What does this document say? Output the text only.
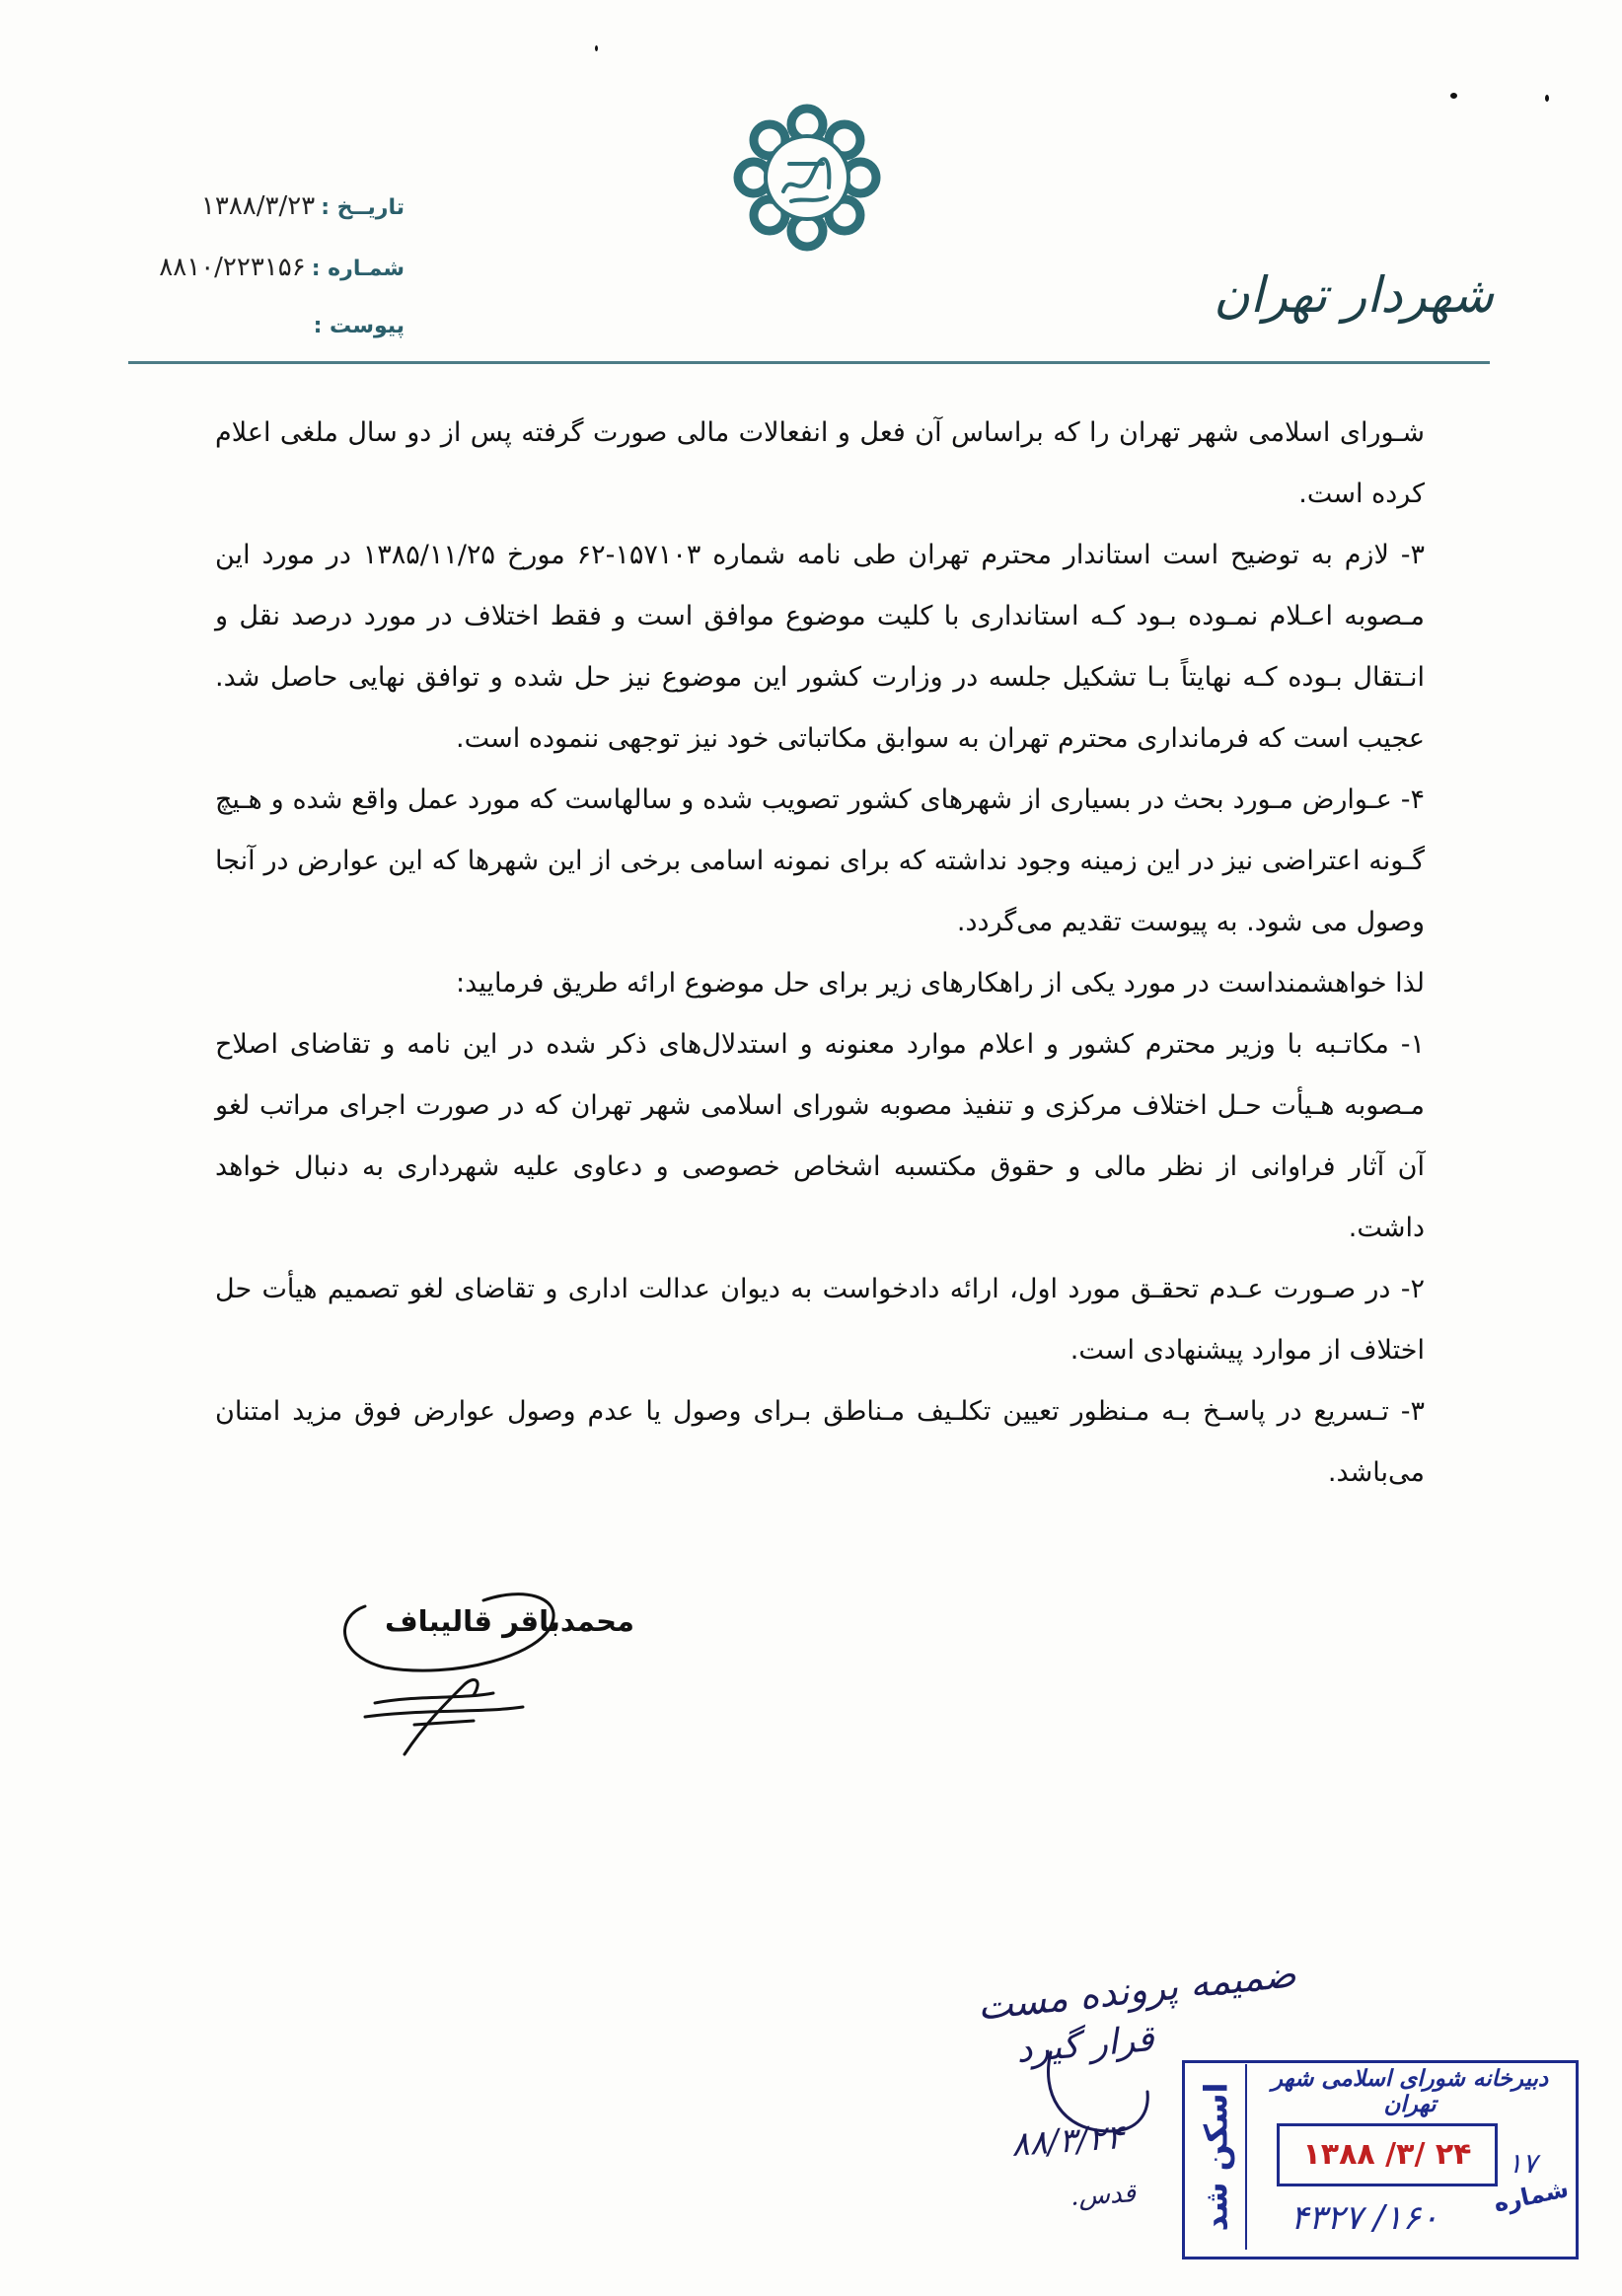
تاریــخ :۱۳۸۸/۳/۲۳
شمـاره :۸۸۱۰/۲۲۳۱۵۶
پیوست :
شهردار تهران

شـورای اسلامی شهر تهران را که براساس آن فعل و انفعالات مالی صورت گرفته پس از دو سال ملغی اعلام کرده است.

۳- لازم به توضیح است استاندار محترم تهران طی نامه شماره ۱۵۷۱۰۳-۶۲ مورخ ۱۳۸۵/۱۱/۲۵ در مورد این مـصوبه اعـلام نمـوده بـود کـه استانداری با کلیت موضوع موافق است و فقط اختلاف در مورد درصد نقل و انـتقال بـوده کـه نهایتاً بـا تشکیل جلسه در وزارت کشور این موضوع نیز حل شده و توافق نهایی حاصل شد. عجیب است که فرمانداری محترم تهران به سوابق مکاتباتی خود نیز توجهی ننموده است.

۴- عـوارض مـورد بحث در بسیاری از شهرهای کشور تصویب شده و سالهاست که مورد عمل واقع شده و هـیچ گـونه اعتراضی نیز در این زمینه وجود نداشته که برای نمونه اسامی برخی از این شهرها که این عوارض در آنجا وصول می شود. به پیوست تقدیم می‌گردد.

لذا خواهشمنداست در مورد یکی از راهکارهای زیر برای حل موضوع ارائه طریق فرمایید:

۱- مکاتـبه با وزیر محترم کشور و اعلام موارد معنونه و استدلال‌های ذکر شده در این نامه و تقاضای اصلاح مـصوبه هـیأت حـل اختلاف مرکزی و تنفیذ مصوبه شورای اسلامی شهر تهران که در صورت اجرای مراتب لغو آن آثار فراوانی از نظر مالی و حقوق مکتسبه اشخاص خصوصی و دعاوی علیه شهرداری به دنبال خواهد داشت.

۲- در صـورت عـدم تحقـق مورد اول، ارائه دادخواست به دیوان عدالت اداری و تقاضای لغو تصمیم هیأت حل اختلاف از موارد پیشنهادی است.

۳- تـسریع در پاسـخ بـه مـنظور تعیین تکلـیف مـناطق بـرای وصول یا عدم وصول عوارض فوق مزید امتنان می‌باشد.

محمدباقر قالیباف
ضمیمه پرونده مست
قرار گیرد
۸۸/۳/۲۴
قدس. اسکن شد
دبیرخانه شورای اسلامی شهر تهران
۱۳۸۸ /۳/ ۲۴	۱۷
شماره
۱۶۰/ ۴۳۲۷
